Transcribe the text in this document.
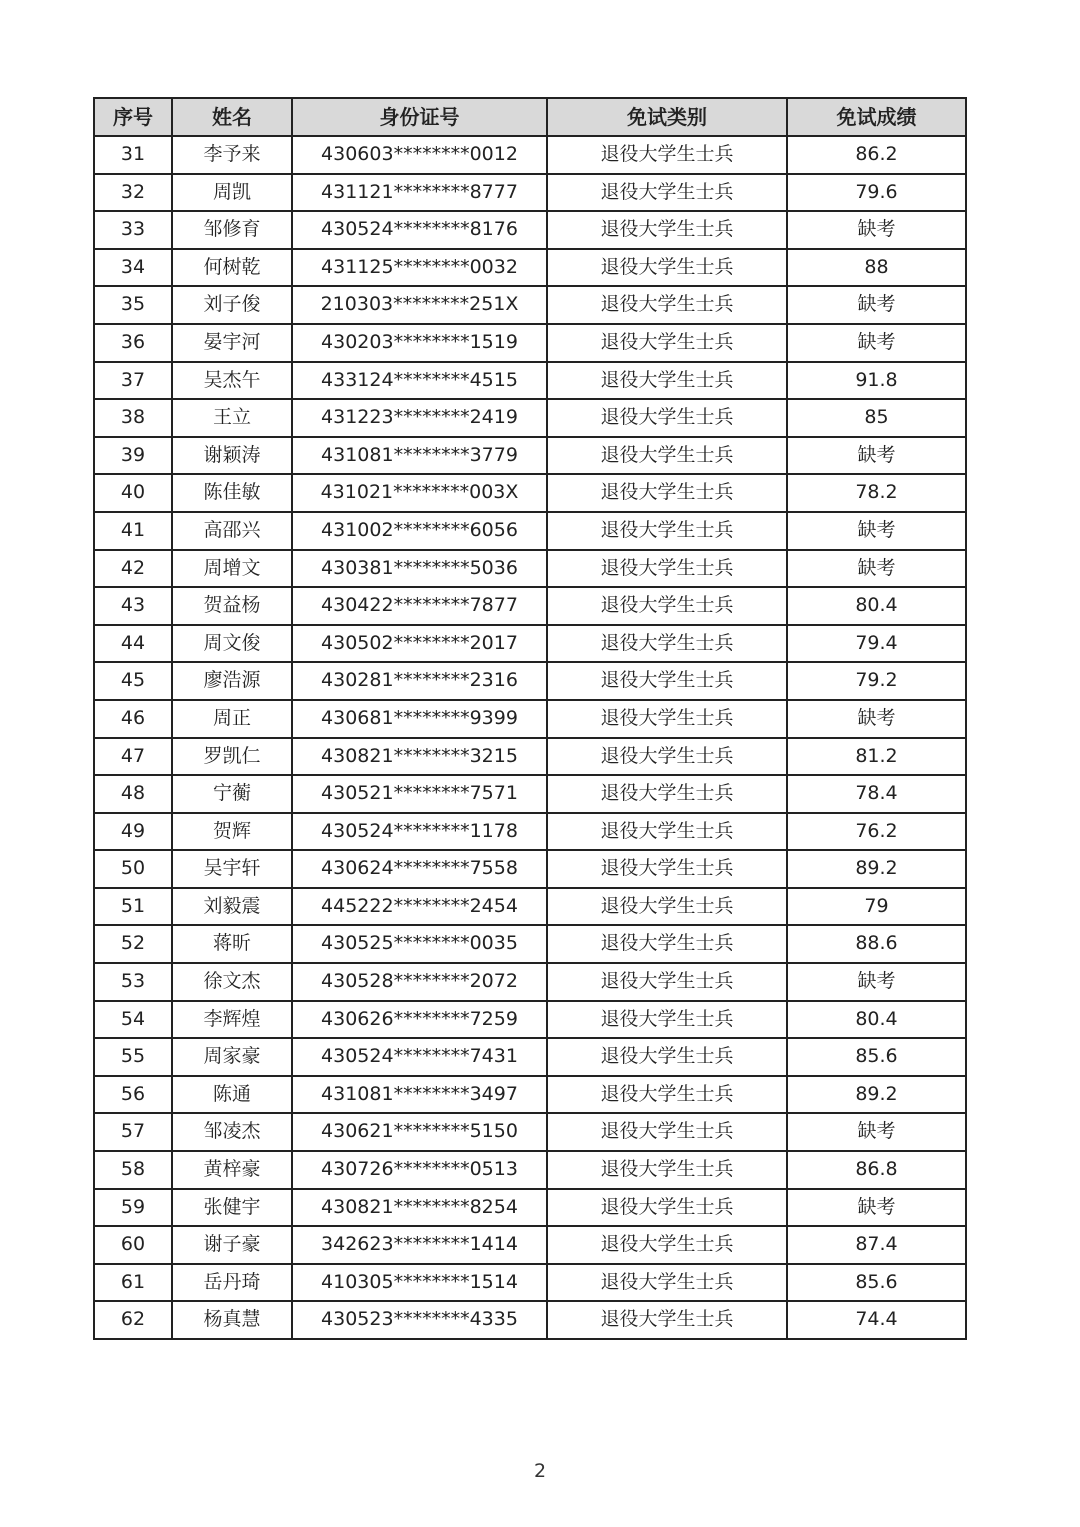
序号	姓名	身份证号	免试类别	免试成绩
31	李予来	430603********0012	退役大学生士兵	86.2
32	周凯	431121********8777	退役大学生士兵	79.6
33	邹修育	430524********8176	退役大学生士兵	缺考
34	何树乾	431125********0032	退役大学生士兵	88
35	刘子俊	210303********251X	退役大学生士兵	缺考
36	晏宇河	430203********1519	退役大学生士兵	缺考
37	吴杰午	433124********4515	退役大学生士兵	91.8
38	王立	431223********2419	退役大学生士兵	85
39	谢颖涛	431081********3779	退役大学生士兵	缺考
40	陈佳敏	431021********003X	退役大学生士兵	78.2
41	高邵兴	431002********6056	退役大学生士兵	缺考
42	周增文	430381********5036	退役大学生士兵	缺考
43	贺益杨	430422********7877	退役大学生士兵	80.4
44	周文俊	430502********2017	退役大学生士兵	79.4
45	廖浩源	430281********2316	退役大学生士兵	79.2
46	周正	430681********9399	退役大学生士兵	缺考
47	罗凯仁	430821********3215	退役大学生士兵	81.2
48	宁蘅	430521********7571	退役大学生士兵	78.4
49	贺辉	430524********1178	退役大学生士兵	76.2
50	吴宇轩	430624********7558	退役大学生士兵	89.2
51	刘毅震	445222********2454	退役大学生士兵	79
52	蒋昕	430525********0035	退役大学生士兵	88.6
53	徐文杰	430528********2072	退役大学生士兵	缺考
54	李辉煌	430626********7259	退役大学生士兵	80.4
55	周家豪	430524********7431	退役大学生士兵	85.6
56	陈通	431081********3497	退役大学生士兵	89.2
57	邹凌杰	430621********5150	退役大学生士兵	缺考
58	黄梓豪	430726********0513	退役大学生士兵	86.8
59	张健宇	430821********8254	退役大学生士兵	缺考
60	谢子豪	342623********1414	退役大学生士兵	87.4
61	岳丹琦	410305********1514	退役大学生士兵	85.6
62	杨真慧	430523********4335	退役大学生士兵	74.4
2
